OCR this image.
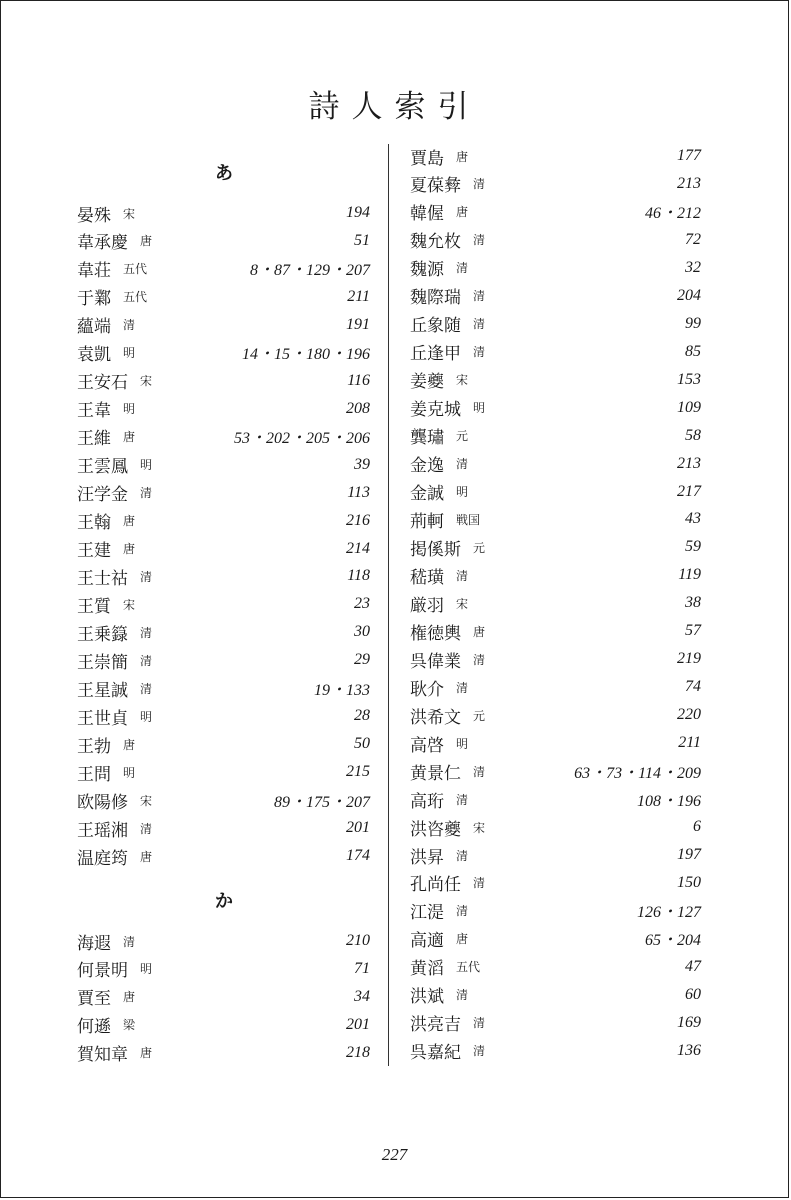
詩人索引
あ
晏殊 宋	194
韋承慶 唐	51
韋荘 五代	8・87・129・207
于鄴 五代	211
蘊端 清	191
袁凱 明	14・15・180・196
王安石 宋	116
王韋 明	208
王維 唐	53・202・205・206
王雲鳳 明	39
汪学金 清	113
王翰 唐	216
王建 唐	214
王士祜 清	118
王質 宋	23
王乗籙 清	30
王崇簡 清	29
王星誠 清	19・133
王世貞 明	28
王勃 唐	50
王問 明	215
欧陽修 宋	89・175・207
王瑶湘 清	201
温庭筠 唐	174
か
海遐 清	210
何景明 明	71
賈至 唐	34
何遜 梁	201
賀知章 唐	218
賈島 唐	177
夏葆彜 清	213
韓偓 唐	46・212
魏允枚 清	72
魏源 清	32
魏際瑞 清	204
丘象随 清	99
丘逢甲 清	85
姜夔 宋	153
姜克城 明	109
龔璛 元	58
金逸 清	213
金誠 明	217
荊軻 戦国	43
掲傒斯 元	59
嵇璜 清	119
厳羽 宋	38
権徳輿 唐	57
呉偉業 清	219
耿介 清	74
洪希文 元	220
高啓 明	211
黄景仁 清	63・73・114・209
高珩 清	108・196
洪咨夔 宋	6
洪昇 清	197
孔尚任 清	150
江湜 清	126・127
高適 唐	65・204
黄滔 五代	47
洪斌 清	60
洪亮吉 清	169
呉嘉紀 清	136
227
